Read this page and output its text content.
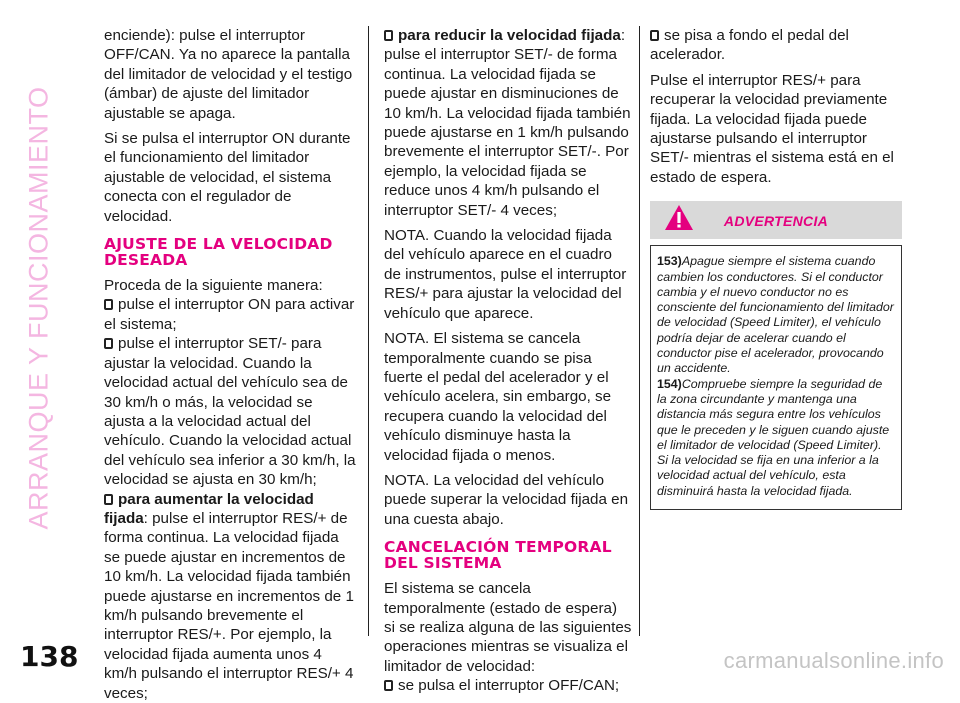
ARRANQUE Y FUNCIONAMIENTO

enciende): pulse el interruptor OFF/CAN. Ya no aparece la pantalla del limitador de velocidad y el testigo (ámbar) de ajuste del limitador ajustable se apaga.

Si se pulsa el interruptor ON durante el funcionamiento del limitador ajustable de velocidad, el sistema conecta con el regulador de velocidad.

AJUSTE DE LA VELOCIDAD DESEADA
Proceda de la siguiente manera:
pulse el interruptor ON para activar el sistema;
pulse el interruptor SET/- para ajustar la velocidad. Cuando la velocidad actual del vehículo sea de 30 km/h o más, la velocidad se ajusta a la velocidad actual del vehículo. Cuando la velocidad actual del vehículo sea inferior a 30 km/h, la velocidad se ajusta en 30 km/h;
para aumentar la velocidad fijada: pulse el interruptor RES/+ de forma continua. La velocidad fijada se puede ajustar en incrementos de 10 km/h. La velocidad fijada también puede ajustarse en incrementos de 1 km/h pulsando brevemente el interruptor RES/+. Por ejemplo, la velocidad fijada aumenta unos 4 km/h pulsando el interruptor RES/+ 4 veces;
para reducir la velocidad fijada: pulse el interruptor SET/- de forma continua. La velocidad fijada se puede ajustar en disminuciones de 10 km/h. La velocidad fijada también puede ajustarse en 1 km/h pulsando brevemente el interruptor SET/-. Por ejemplo, la velocidad fijada se reduce unos 4 km/h pulsando el interruptor SET/- 4 veces;

NOTA. Cuando la velocidad fijada del vehículo aparece en el cuadro de instrumentos, pulse el interruptor RES/+ para ajustar la velocidad del vehículo que aparece.

NOTA. El sistema se cancela temporalmente cuando se pisa fuerte el pedal del acelerador y el vehículo acelera, sin embargo, se recupera cuando la velocidad del vehículo disminuye hasta la velocidad fijada o menos.

NOTA. La velocidad del vehículo puede superar la velocidad fijada en una cuesta abajo.

CANCELACIÓN TEMPORAL DEL SISTEMA
El sistema se cancela temporalmente (estado de espera) si se realiza alguna de las siguientes operaciones mientras se visualiza el limitador de velocidad:
se pulsa el interruptor OFF/CAN;
se pisa a fondo el pedal del acelerador.

Pulse el interruptor RES/+ para recuperar la velocidad previamente fijada. La velocidad fijada puede ajustarse pulsando el interruptor SET/- mientras el sistema está en el estado de espera.

ADVERTENCIA

153)Apague siempre el sistema cuando cambien los conductores. Si el conductor cambia y el nuevo conductor no es consciente del funcionamiento del limitador de velocidad (Speed Limiter), el vehículo podría dejar de acelerar cuando el conductor pise el acelerador, provocando un accidente.

154)Compruebe siempre la seguridad de la zona circundante y mantenga una distancia más segura entre los vehículos que le preceden y le siguen cuando ajuste el limitador de velocidad (Speed Limiter). Si la velocidad se fija en una inferior a la velocidad actual del vehículo, esta disminuirá hasta la velocidad fijada.

138	carmanualsonline.info
